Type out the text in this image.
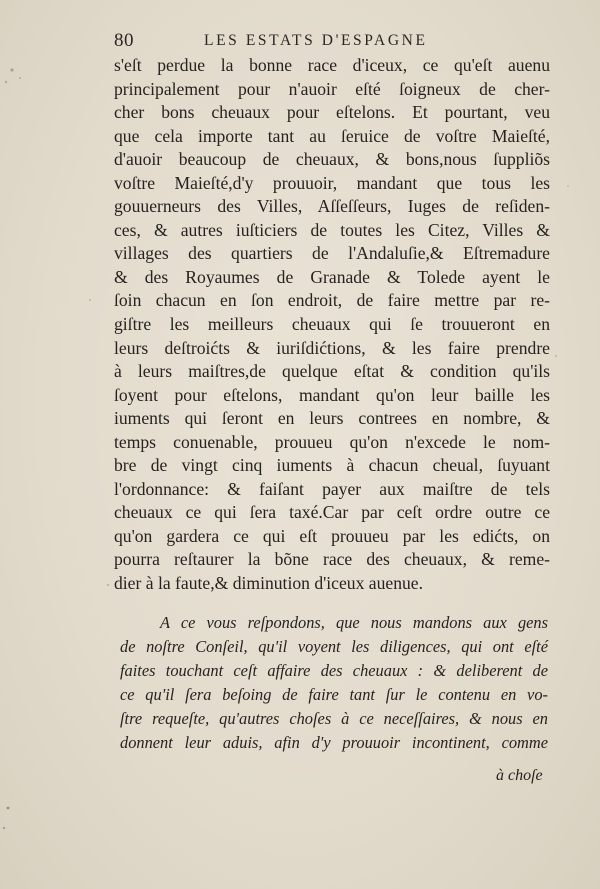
80	LES ESTATS D'ESPAGNE
s'eſt perdue la bonne race d'iceux, ce qu'eſt auenu
principalement pour n'auoir eſté ſoigneux de cher-
cher bons cheuaux pour eſtelons. Et pourtant, veu
que cela importe tant au ſeruice de voſtre Maieſté,
d'auoir beaucoup de cheuaux, & bons,nous ſuppliõs
voſtre Maieſté,d'y prouuoir, mandant que tous les
gouuerneurs des Villes, Aſſeſſeurs, Iuges de reſiden-
ces, & autres iuſticiers de toutes les Citez, Villes &
villages des quartiers de l'Andaluſie,& Eſtremadure
& des Royaumes de Granade & Tolede ayent le
ſoin chacun en ſon endroit, de faire mettre par re-
giſtre les meilleurs cheuaux qui ſe trouueront en
leurs deſtroićts & iuriſdićtions, & les faire prendre
à leurs maiſtres,de quelque eſtat & condition qu'ils
ſoyent pour eſtelons, mandant qu'on leur baille les
iuments qui ſeront en leurs contrees en nombre, &
temps conuenable, prouueu qu'on n'excede le nom-
bre de vingt cinq iuments à chacun cheual, ſuyuant
l'ordonnance: & faiſant payer aux maiſtre de tels
cheuaux ce qui ſera taxé.Car par ceſt ordre outre ce
qu'on gardera ce qui eſt prouueu par les edićts, on
pourra reſtaurer la bõne race des cheuaux, & reme-
dier à la faute,& diminution d'iceux auenue.
A ce vous reſpondons, que nous mandons aux gens
de noſtre Conſeil, qu'il voyent les diligences, qui ont eſté
faites touchant ceſt affaire des cheuaux : & deliberent de
ce qu'il ſera beſoing de faire tant ſur le contenu en vo-
ſtre requeſte, qu'autres choſes à ce neceſſaires, & nous en
donnent leur aduis, afin d'y prouuoir incontinent, comme
à choſe
